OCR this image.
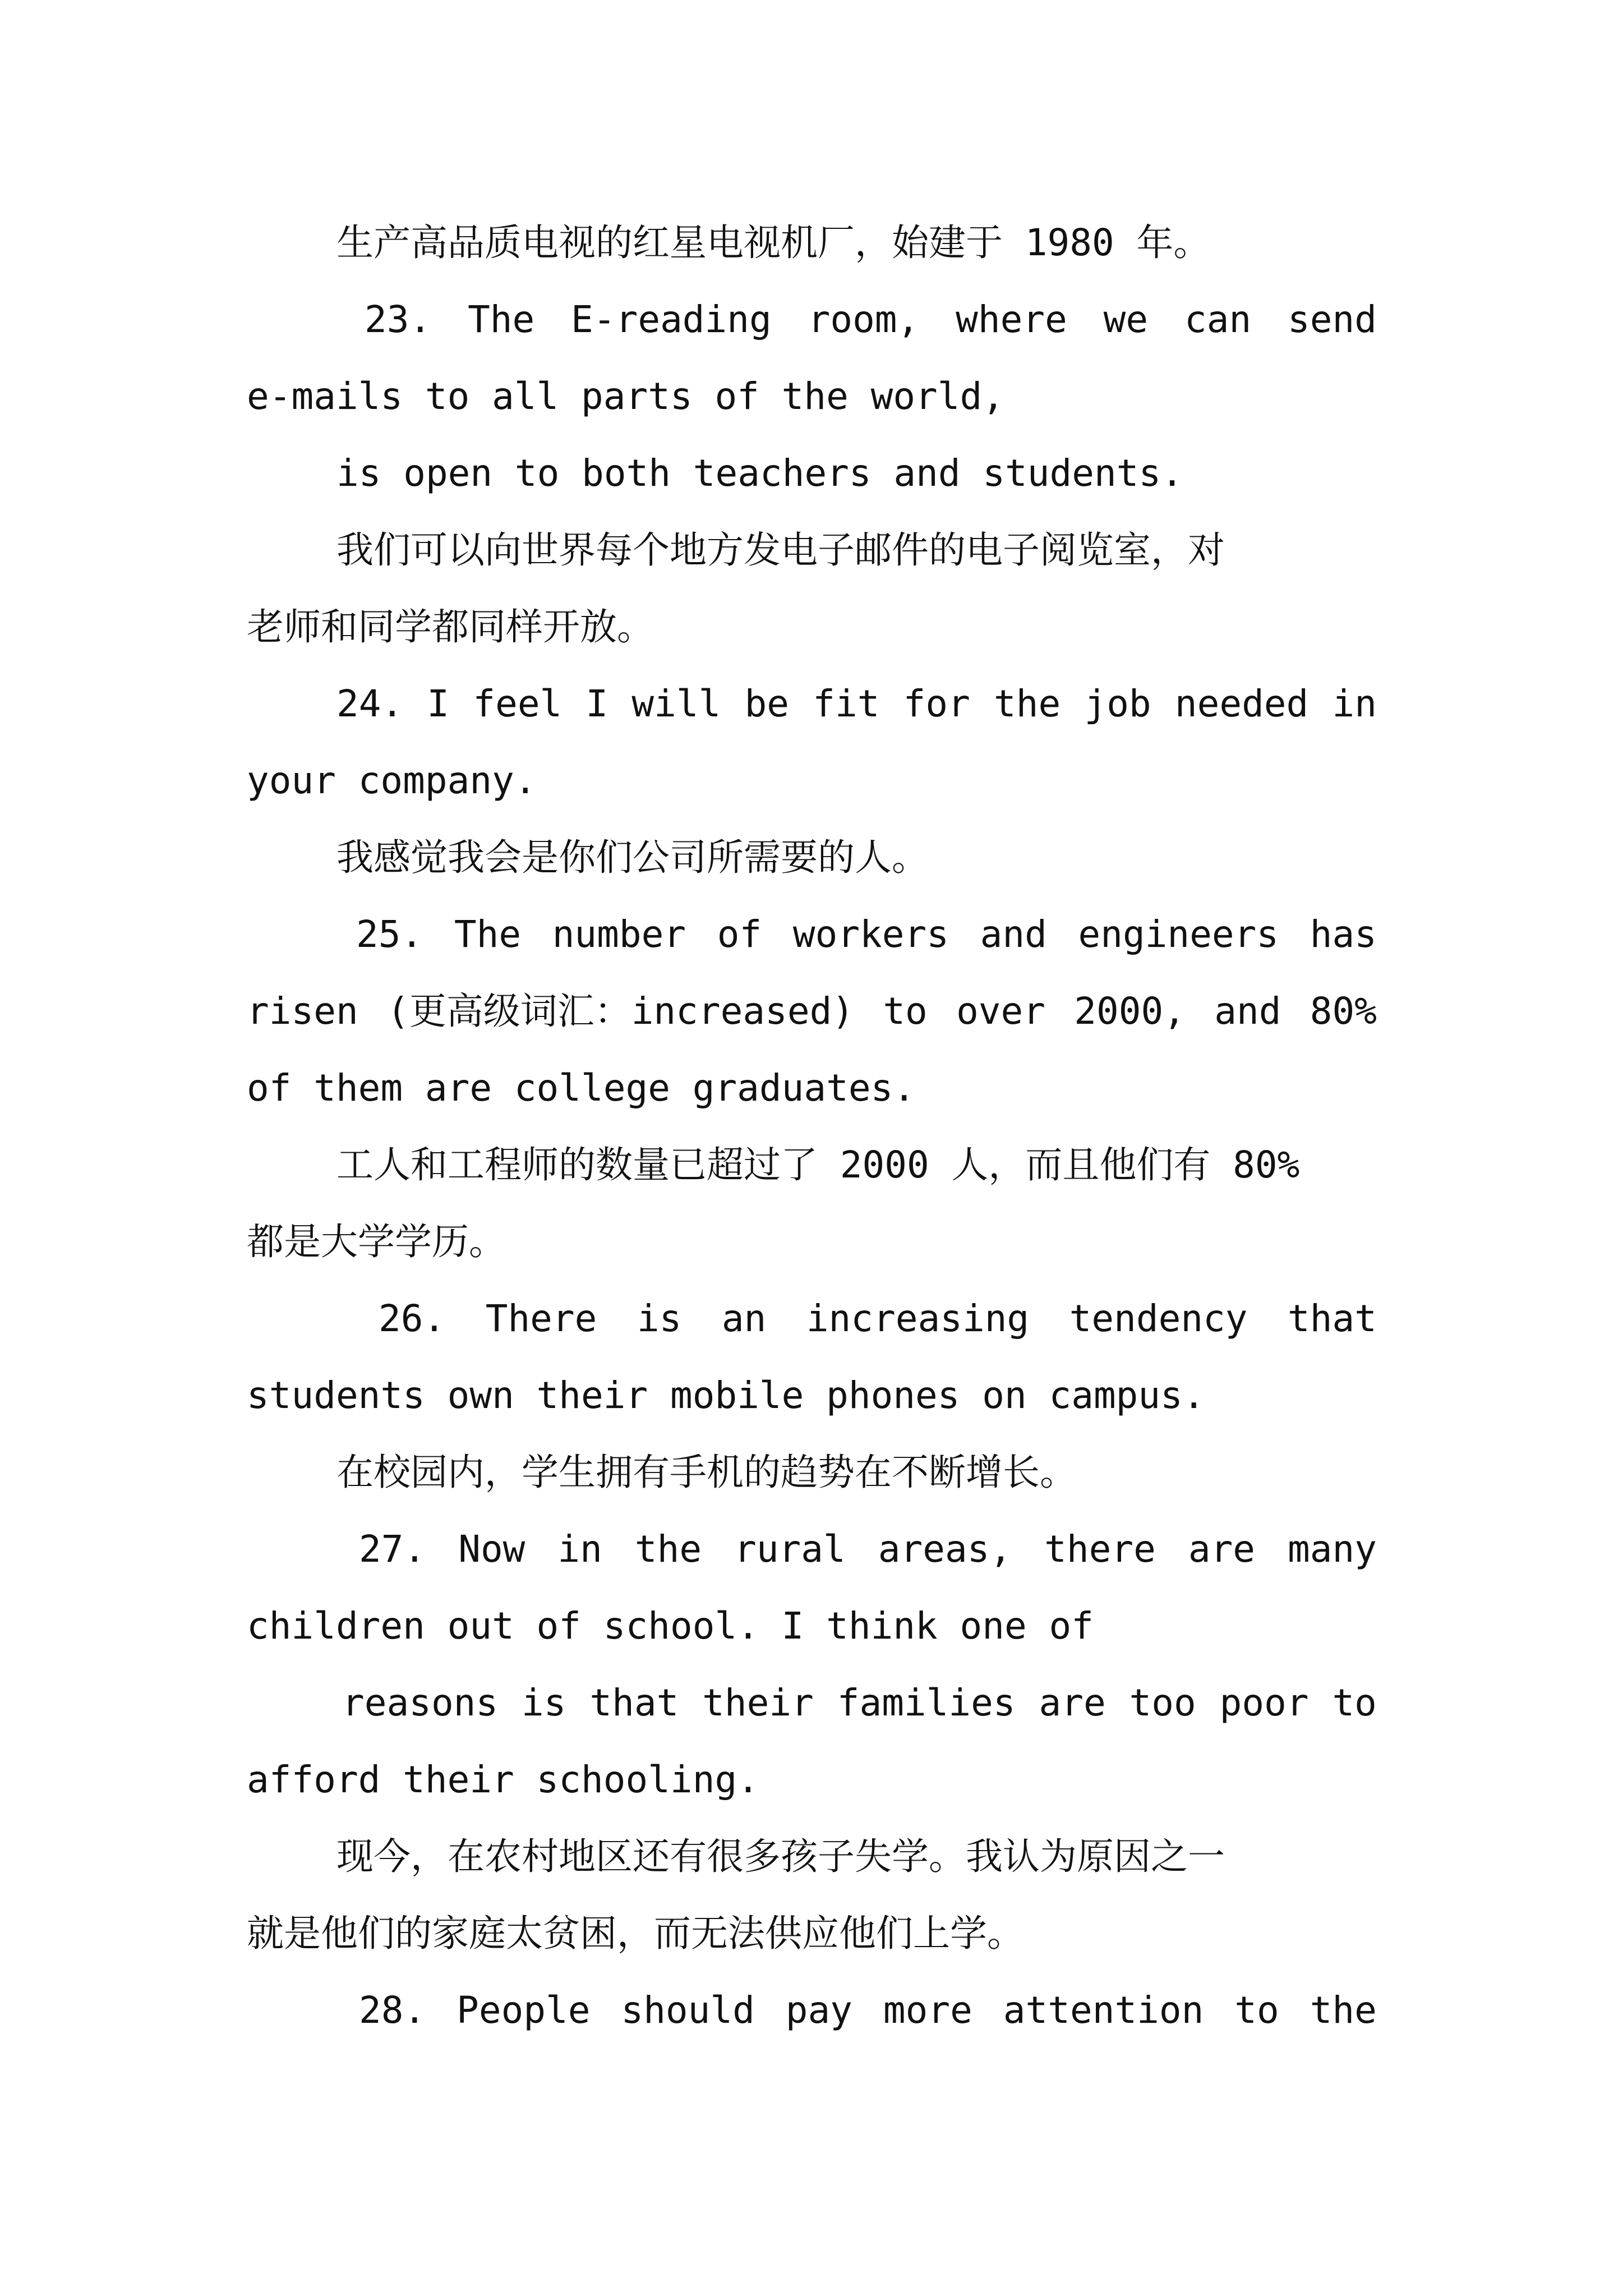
生产高品质电视的红星电视机厂，始建于 1980 年。
23. The E-reading room, where we can send
e-mails to all parts of the world,
is open to both teachers and students.
我们可以向世界每个地方发电子邮件的电子阅览室，对
老师和同学都同样开放。
24. I feel I will be fit for the job needed in
your company.
我感觉我会是你们公司所需要的人。
25. The number of workers and engineers has
risen (更高级词汇：increased) to over 2000, and 80%
of them are college graduates.
工人和工程师的数量已超过了 2000 人，而且他们有 80%
都是大学学历。
26. There is an increasing tendency that
students own their mobile phones on campus.
在校园内，学生拥有手机的趋势在不断增长。
27. Now in the rural areas, there are many
children out of school. I think one of
reasons is that their families are too poor to
afford their schooling.
现今，在农村地区还有很多孩子失学。我认为原因之一
就是他们的家庭太贫困，而无法供应他们上学。
28. People should pay more attention to the
